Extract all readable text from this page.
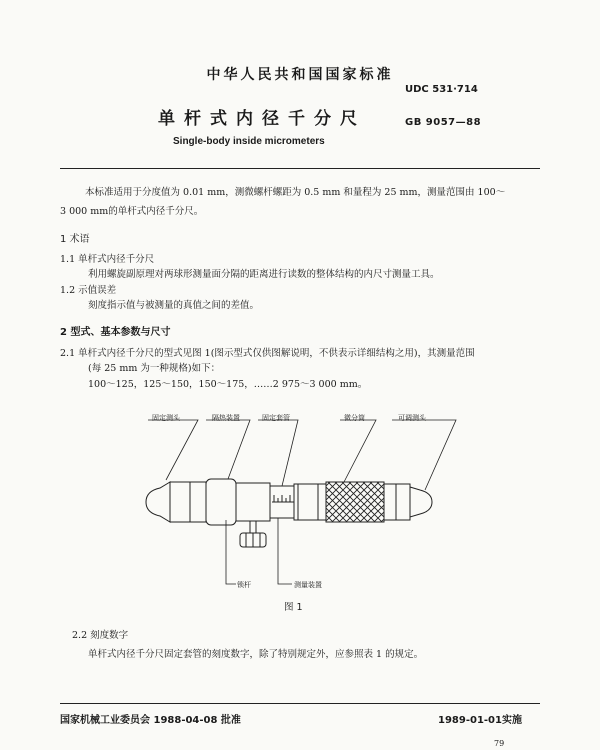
中华人民共和国国家标准
UDC 531·714
单杆式内径千分尺	GB 9057—88
Single-body inside micrometers
本标准适用于分度值为 0.01 mm，测微螺杆螺距为 0.5 mm 和量程为 25 mm，测量范围由 100～
3 000 mm的单杆式内径千分尺。
1 术语
1.1 单杆式内径千分尺
利用螺旋副原理对两球形测量面分隔的距离进行读数的整体结构的内尺寸测量工具。
1.2 示值误差
刻度指示值与被测量的真值之间的差值。
2 型式、基本参数与尺寸
2.1 单杆式内径千分尺的型式见图 1(图示型式仅供图解说明，不供表示详细结构之用)，其测量范围
(每 25 mm 为一种规格)如下：
100～125，125～150，150～175，……2 975～3 000 mm。
固定测头	隔热装置	固定套管	微分筒	可调测头
锁杆	测量装置
图 1
2.2 刻度数字
单杆式内径千分尺固定套管的刻度数字，除了特别规定外，应参照表 1 的规定。
国家机械工业委员会 1988-04-08 批准	1989-01-01实施
79
